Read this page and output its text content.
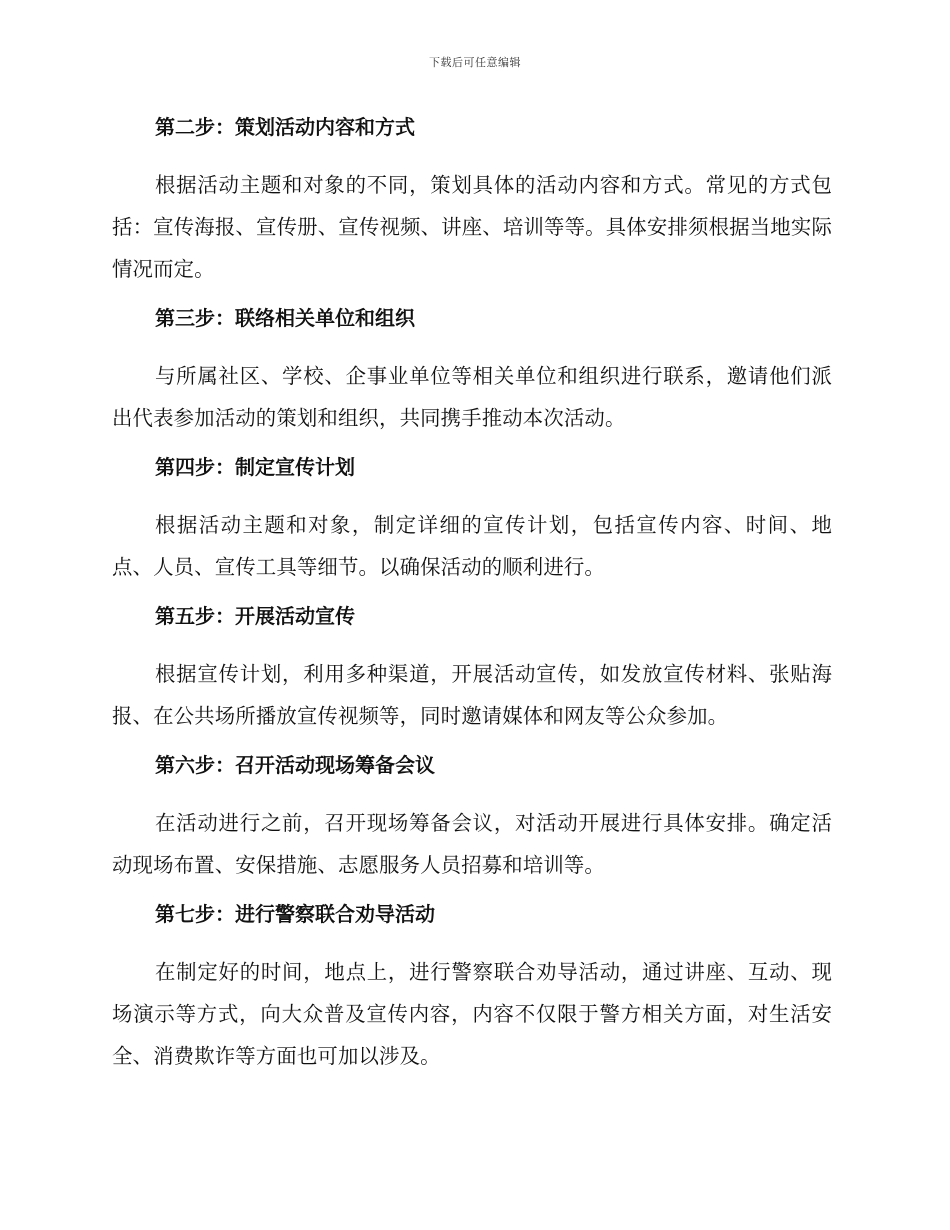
下载后可任意编辑
第二步：策划活动内容和方式

根据活动主题和对象的不同，策划具体的活动内容和方式。常见的方式包括：宣传海报、宣传册、宣传视频、讲座、培训等等。具体安排须根据当地实际情况而定。

第三步：联络相关单位和组织

与所属社区、学校、企事业单位等相关单位和组织进行联系，邀请他们派出代表参加活动的策划和组织，共同携手推动本次活动。

第四步：制定宣传计划

根据活动主题和对象，制定详细的宣传计划，包括宣传内容、时间、地点、人员、宣传工具等细节。以确保活动的顺利进行。

第五步：开展活动宣传

根据宣传计划，利用多种渠道，开展活动宣传，如发放宣传材料、张贴海报、在公共场所播放宣传视频等，同时邀请媒体和网友等公众参加。

第六步：召开活动现场筹备会议

在活动进行之前，召开现场筹备会议，对活动开展进行具体安排。确定活动现场布置、安保措施、志愿服务人员招募和培训等。

第七步：进行警察联合劝导活动

在制定好的时间，地点上，进行警察联合劝导活动，通过讲座、互动、现场演示等方式，向大众普及宣传内容，内容不仅限于警方相关方面，对生活安全、消费欺诈等方面也可加以涉及。
